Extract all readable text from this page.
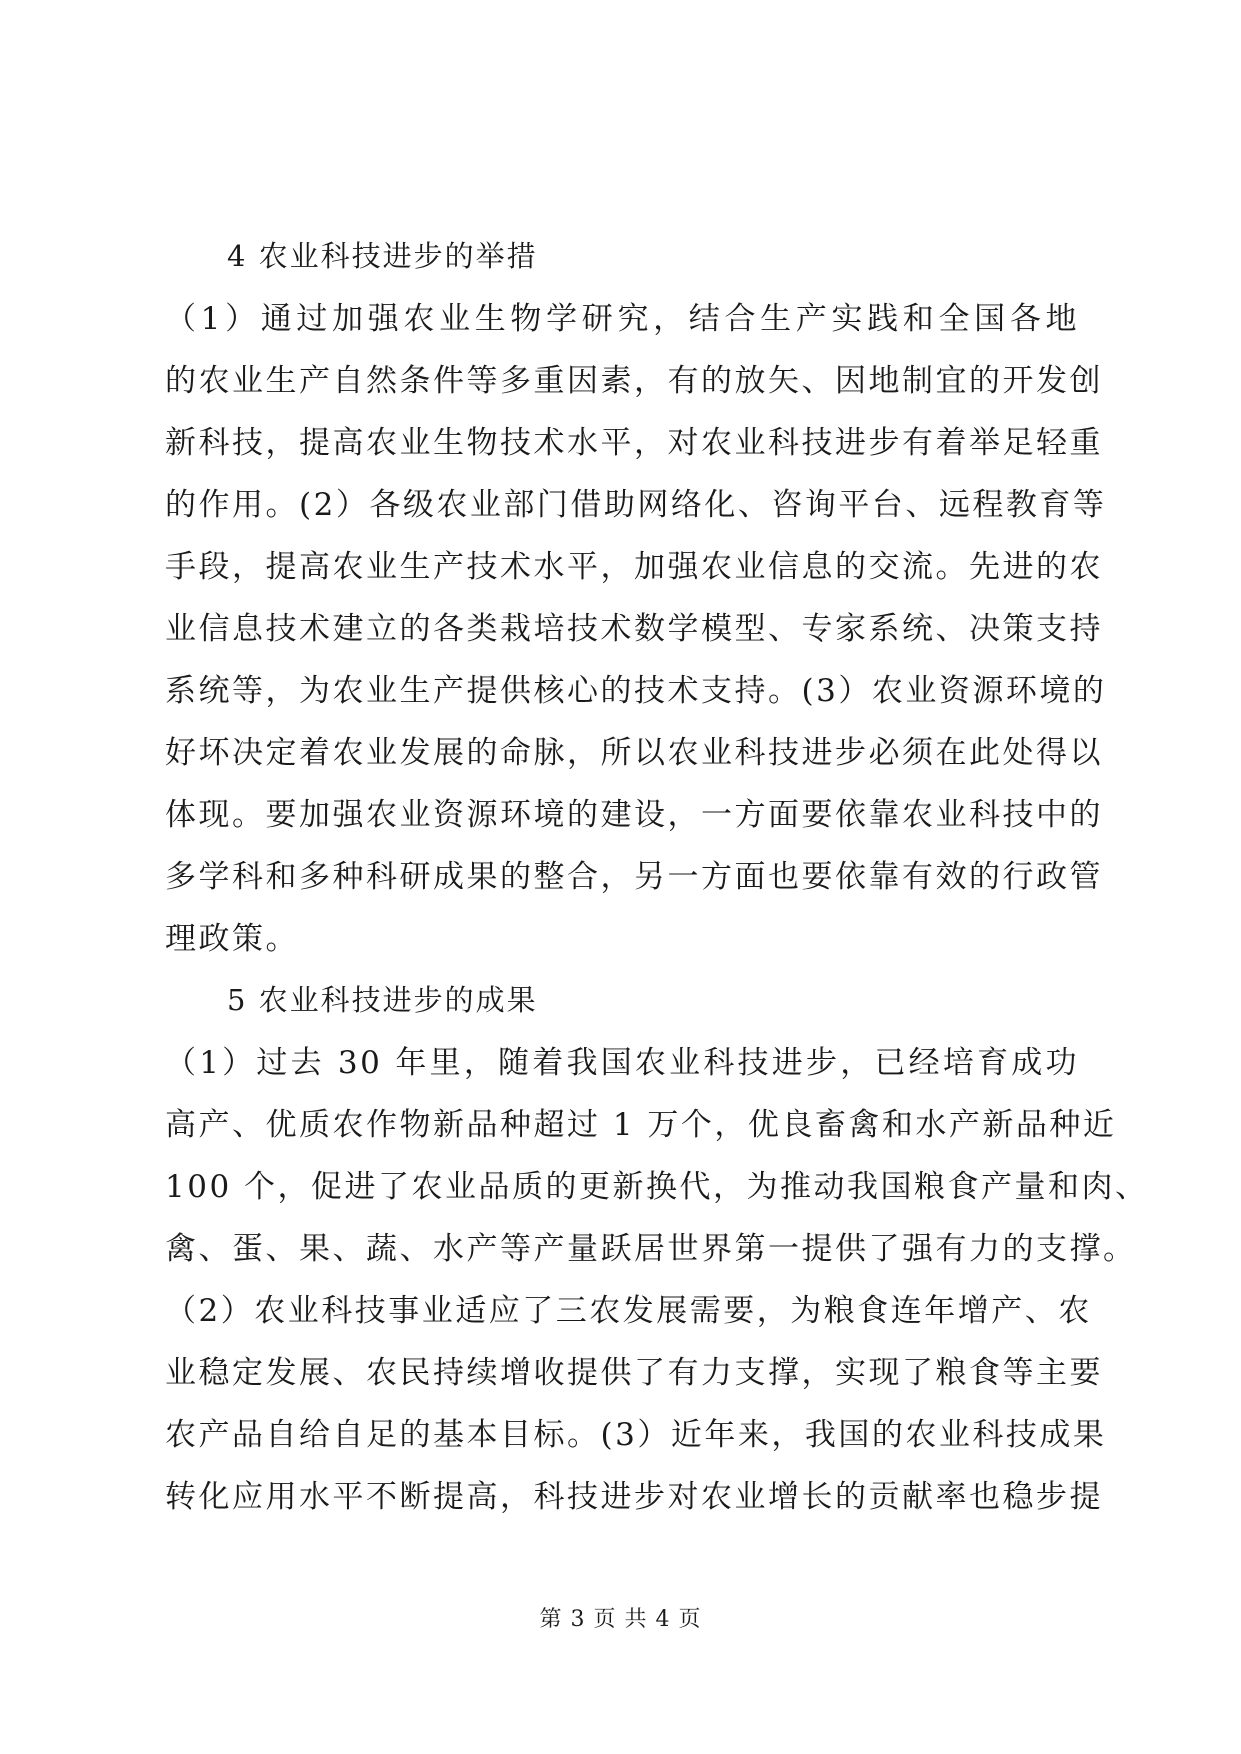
4 农业科技进步的举措
（1）通过加强农业生物学研究，结合生产实践和全国各地
的农业生产自然条件等多重因素，有的放矢、因地制宜的开发创
新科技，提高农业生物技术水平，对农业科技进步有着举足轻重
的作用。(2）各级农业部门借助网络化、咨询平台、远程教育等
手段，提高农业生产技术水平，加强农业信息的交流。先进的农
业信息技术建立的各类栽培技术数学模型、专家系统、决策支持
系统等，为农业生产提供核心的技术支持。(3）农业资源环境的
好坏决定着农业发展的命脉，所以农业科技进步必须在此处得以
体现。要加强农业资源环境的建设，一方面要依靠农业科技中的
多学科和多种科研成果的整合，另一方面也要依靠有效的行政管
理政策。
5 农业科技进步的成果
（1）过去 30 年里，随着我国农业科技进步，已经培育成功
高产、优质农作物新品种超过 1 万个，优良畜禽和水产新品种近
100 个，促进了农业品质的更新换代，为推动我国粮食产量和肉、
禽、蛋、果、蔬、水产等产量跃居世界第一提供了强有力的支撑。
（2）农业科技事业适应了三农发展需要，为粮食连年增产、农
业稳定发展、农民持续增收提供了有力支撑，实现了粮食等主要
农产品自给自足的基本目标。(3）近年来，我国的农业科技成果
转化应用水平不断提高，科技进步对农业增长的贡献率也稳步提
第 3 页 共 4 页
